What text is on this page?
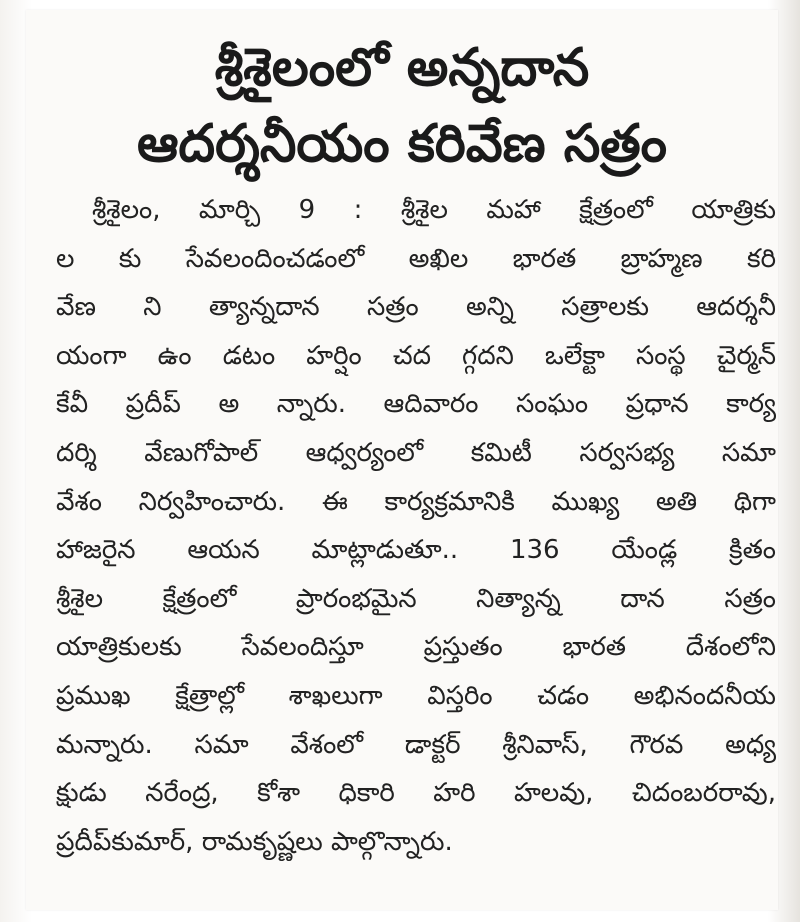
శ్రీశైలంలో అన్నదాన
ఆదర్శనీయం కరివేణ సత్రం
శ్రీశైలం, మార్చి 9 : శ్రీశైల మహా క్షేత్రంలో యాత్రికు
ల కు సేవలందించడంలో అఖిల భారత బ్రాహ్మణ కరి
వేణ ని త్యాన్నదాన సత్రం అన్ని సత్రాలకు ఆదర్శనీ
యంగా ఉం డటం హర్షిం చద గ్గదని ఒలేక్టా సంస్థ చైర్మన్
కేవీ ప్రదీప్ అ న్నారు. ఆదివారం సంఘం ప్రధాన కార్య
దర్శి వేణుగోపాల్ ఆధ్వర్యంలో కమిటీ సర్వసభ్య సమా
వేశం నిర్వహించారు. ఈ కార్యక్రమానికి ముఖ్య అతి థిగా
హాజరైన ఆయన మాట్లాడుతూ.. 136 యేండ్ల క్రితం
శ్రీశైల క్షేత్రంలో ప్రారంభమైన నిత్యాన్న దాన సత్రం
యాత్రికులకు సేవలందిస్తూ ప్రస్తుతం భారత దేశంలోని
ప్రముఖ క్షేత్రాల్లో శాఖలుగా విస్తరిం చడం అభినందనీయ
మన్నారు. సమా వేశంలో డాక్టర్ శ్రీనివాస్, గౌరవ అధ్య
క్షుడు నరేంద్ర, కోశా ధికారి హరి హలవు, చిదంబరరావు,
ప్రదీప్‌కుమార్, రామకృష్ణలు పాల్గొన్నారు.
